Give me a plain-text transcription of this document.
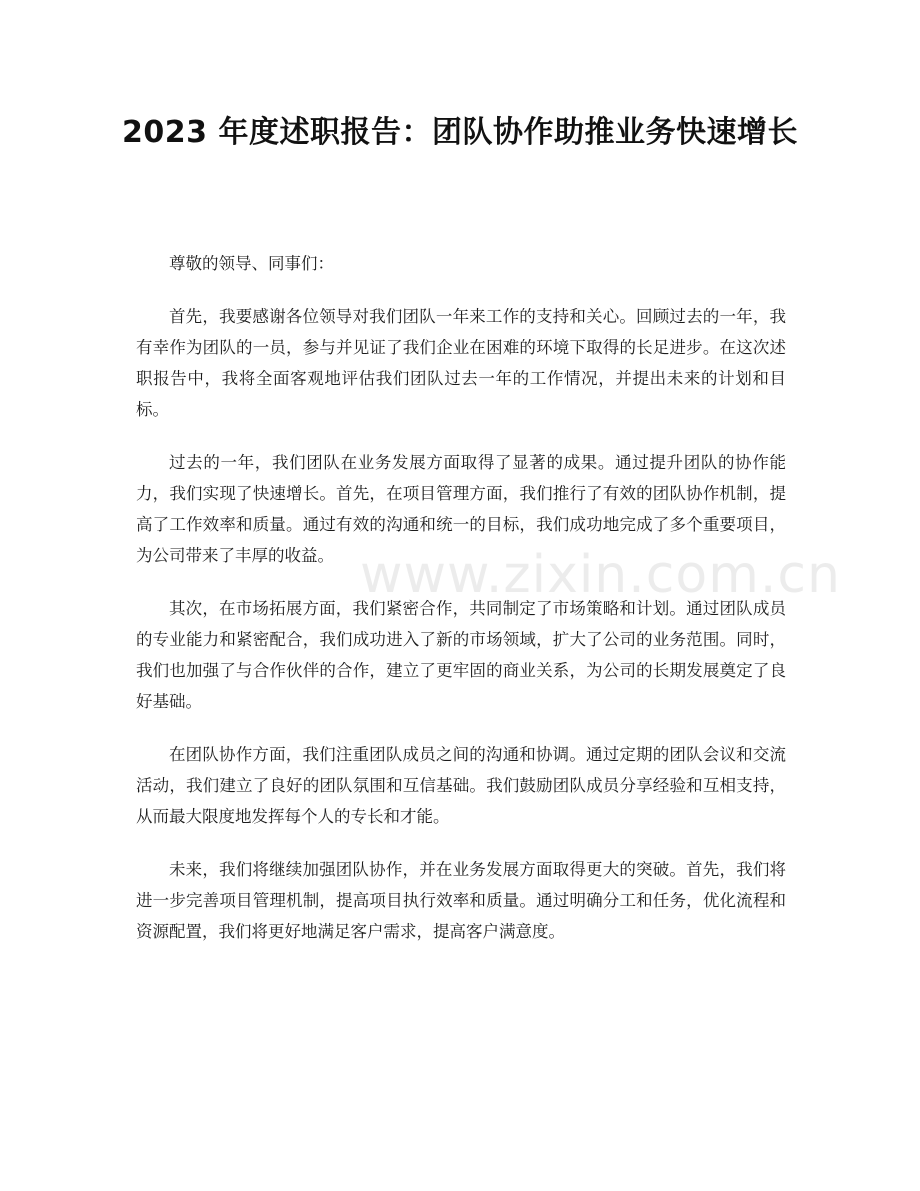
2023 年度述职报告：团队协作助推业务快速增长

尊敬的领导、同事们：

首先，我要感谢各位领导对我们团队一年来工作的支持和关心。回顾过去的一年，我有幸作为团队的一员，参与并见证了我们企业在困难的环境下取得的长足进步。在这次述职报告中，我将全面客观地评估我们团队过去一年的工作情况，并提出未来的计划和目标。

过去的一年，我们团队在业务发展方面取得了显著的成果。通过提升团队的协作能力，我们实现了快速增长。首先，在项目管理方面，我们推行了有效的团队协作机制，提高了工作效率和质量。通过有效的沟通和统一的目标，我们成功地完成了多个重要项目，为公司带来了丰厚的收益。

其次，在市场拓展方面，我们紧密合作，共同制定了市场策略和计划。通过团队成员的专业能力和紧密配合，我们成功进入了新的市场领域，扩大了公司的业务范围。同时，我们也加强了与合作伙伴的合作，建立了更牢固的商业关系，为公司的长期发展奠定了良好基础。

在团队协作方面，我们注重团队成员之间的沟通和协调。通过定期的团队会议和交流活动，我们建立了良好的团队氛围和互信基础。我们鼓励团队成员分享经验和互相支持，从而最大限度地发挥每个人的专长和才能。

未来，我们将继续加强团队协作，并在业务发展方面取得更大的突破。首先，我们将进一步完善项目管理机制，提高项目执行效率和质量。通过明确分工和任务，优化流程和资源配置，我们将更好地满足客户需求，提高客户满意度。

www.zixin.com.cn
